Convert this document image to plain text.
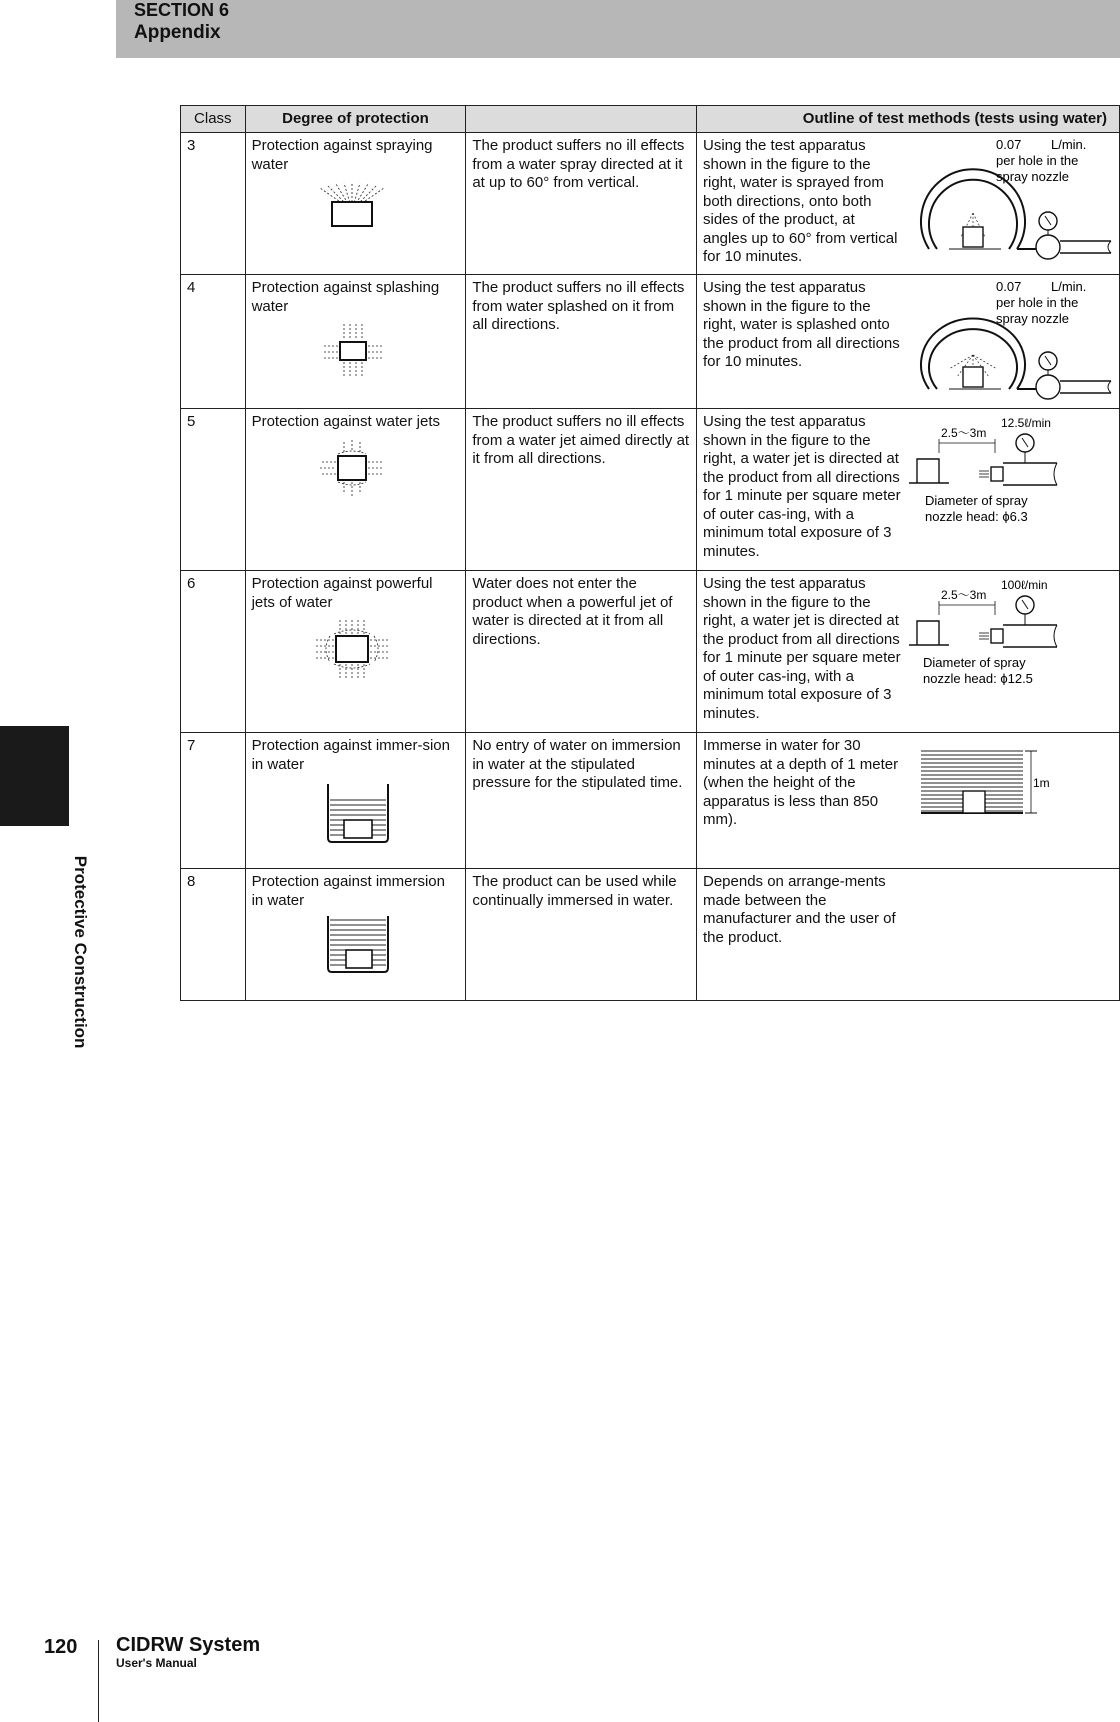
SECTION 6
Appendix
SECTION 6Protective Construction
Class	Degree of protection		Outline of test methods (tests using water)
3	Protection against spraying water	The product suffers no ill effects from a water spray directed at it at up to 60° from vertical.	Using the test apparatus shown in the figure to the right, water is sprayed from both directions, onto both sides of the product, at angles up to 60° from vertical for 10 minutes.
0.07 L/min.
per hole in the
spray nozzle

4	Protection against splashing water	The product suffers no ill effects from water splashed on it from all directions.	Using the test apparatus shown in the figure to the right, water is splashed onto the product from all directions for 10 minutes.
0.07 L/min.
per hole in the
spray nozzle

5	Protection against water jets	The product suffers no ill effects from a water jet aimed directly at it from all directions.	Using the test apparatus shown in the figure to the right, a water jet is directed at the product from all directions for 1 minute per square meter of outer cas-ing, with a minimum total exposure of 3 minutes.
2.5～3m
12.5ℓ/min
Diameter of spray
nozzle head: ϕ6.3

6	Protection against powerful jets of water	Water does not enter the product when a powerful jet of water is directed at it from all directions.	Using the test apparatus shown in the figure to the right, a water jet is directed at the product from all directions for 1 minute per square meter of outer cas-ing, with a minimum total exposure of 3 minutes.
2.5～3m
100ℓ/min
Diameter of spray
nozzle head: ϕ12.5

7	Protection against immer-sion in water	No entry of water on immersion in water at the stipulated pressure for the stipulated time.	Immerse in water for 30 minutes at a depth of 1 meter (when the height of the apparatus is less than 850 mm).
1m

8	Protection against immersion in water	The product can be used while continually immersed in water.	Depends on arrange-ments made between the manufacturer and the user of the product.
120 CIDRW System
User's Manual
